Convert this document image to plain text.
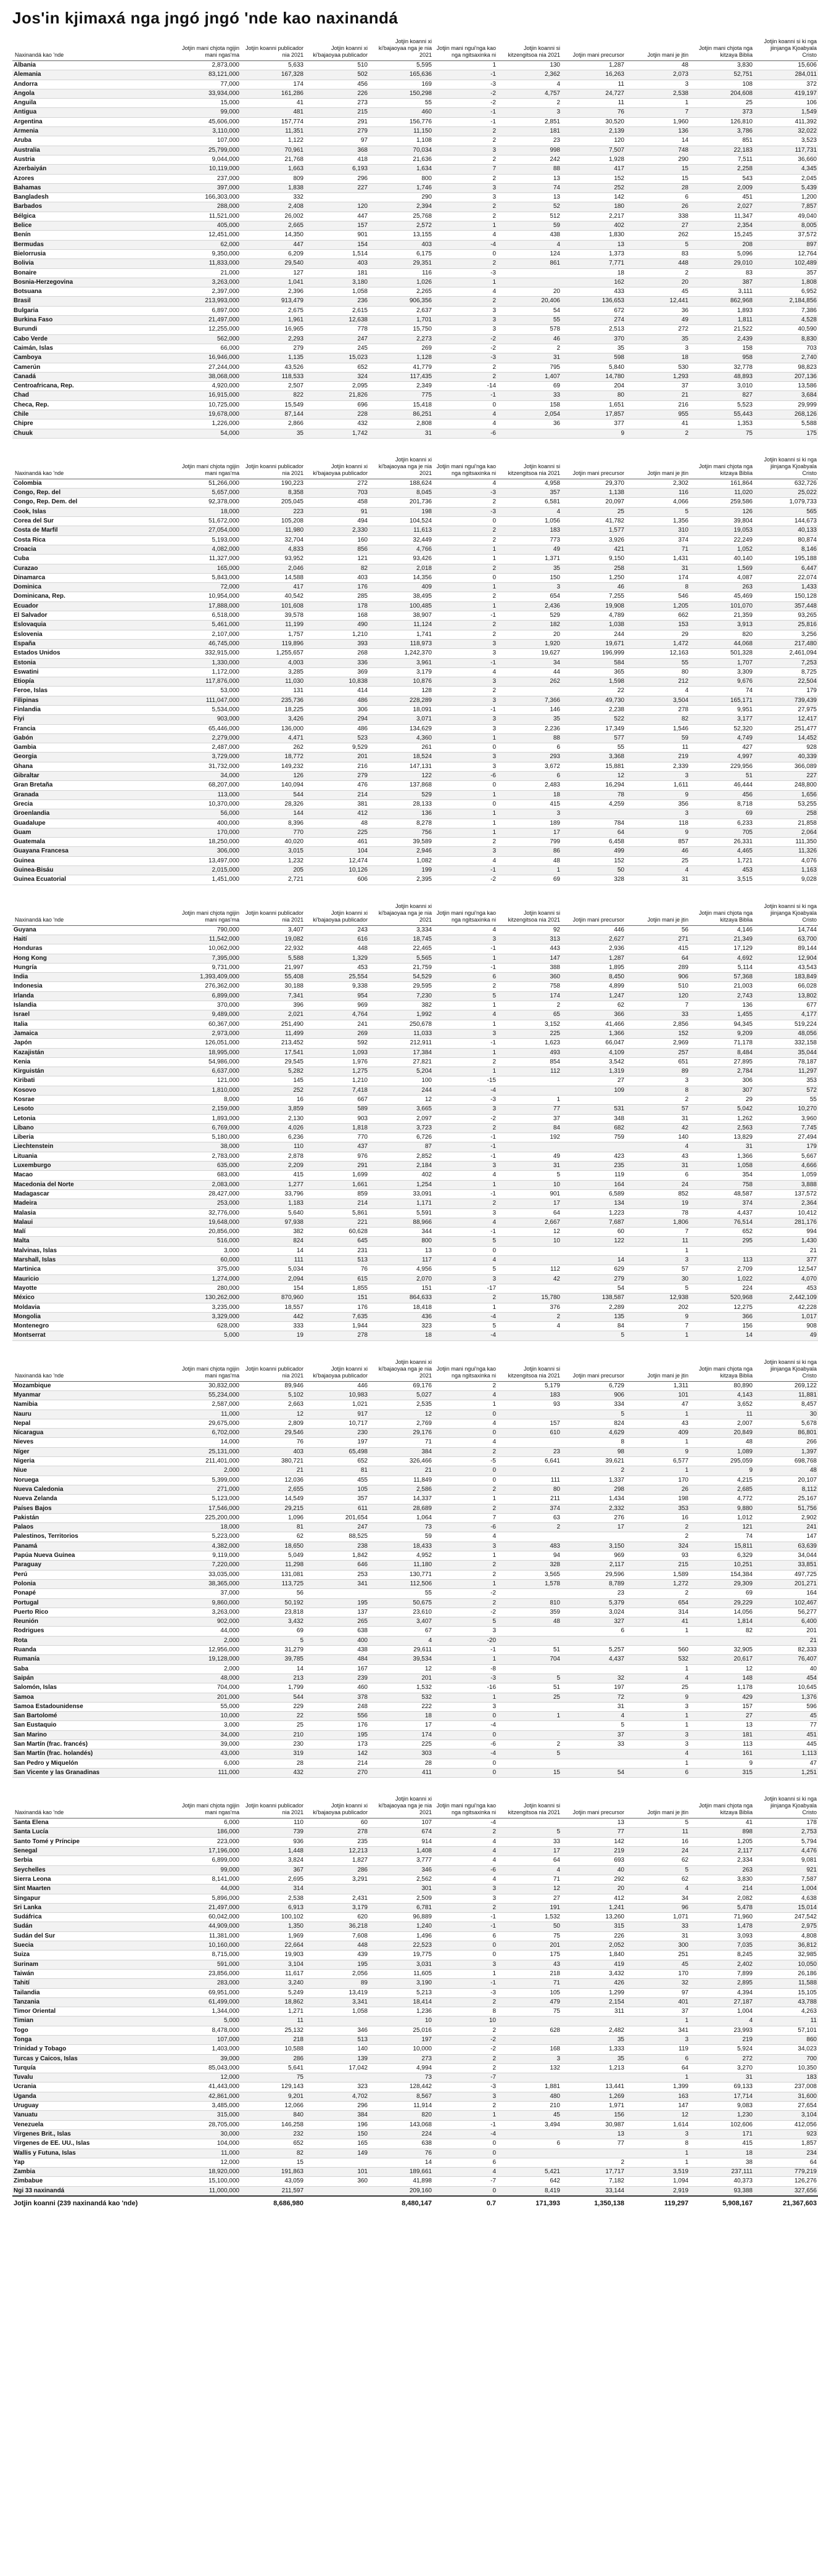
Jos'in kjimaxá nga jngó jngó 'nde kao naxinandá
Naxinandá kao 'nde	Jotjin mani chjota ngijin mani ngas'ma	Jotjin koanni publicador nia 2021	Jotjin koanni xi ki'bajaoyaa publicador	Jotjin koanni xi ki'bajaoyaa nga je nia 2021	Jotjin mani ngui'nga kao nga ngitsaxinka ni	Jotjin koanni si kitzengitsoa nia 2021	Jotjin mani precursor	Jotjin mani je jtin	Jotjin mani chjota nga kitzaya Biblia	Jotjin koanni si ki nga jiinjanga Kjoabyala Cristo
Albania	2,873,000	5,633	510	5,595	1	130	1,287	48	3,830	15,606
Alemania	83,121,000	167,328	502	165,636	-1	2,362	16,263	2,073	52,751	284,011
Andorra	77,000	174	456	169	-3	4	11	3	108	372
Angola	33,934,000	161,286	226	150,298	-2	4,757	24,727	2,538	204,608	419,197
Anguila	15,000	41	273	55	-2	2	11	1	25	106
Antigua	99,000	481	215	460	-1	3	76	7	373	1,549
Argentina	45,606,000	157,774	291	156,776	-1	2,851	30,520	1,960	126,810	411,392
Armenia	3,110,000	11,351	279	11,150	2	181	2,139	136	3,786	32,022
Aruba	107,000	1,122	97	1,108	2	23	120	14	851	3,523
Australia	25,799,000	70,961	368	70,034	3	998	7,507	748	22,183	117,731
Austria	9,044,000	21,768	418	21,636	2	242	1,928	290	7,511	36,660
Azerbaiyán	10,119,000	1,663	6,193	1,634	7	88	417	15	2,258	4,345
Azores	237,000	809	296	800	2	13	152	15	543	2,045
Bahamas	397,000	1,838	227	1,746	3	74	252	28	2,009	5,439
Bangladesh	166,303,000	332		290	3	13	142	6	451	1,200
Barbados	288,000	2,408	120	2,394	2	52	180	26	2,027	7,857
Bélgica	11,521,000	26,002	447	25,768	2	512	2,217	338	11,347	49,040
Belice	405,000	2,665	157	2,572	1	59	402	27	2,354	8,005
Benín	12,451,000	14,350	901	13,155	4	438	1,830	262	15,245	37,572
Bermudas	62,000	447	154	403	-4	4	13	5	208	897
Bielorrusia	9,350,000	6,209	1,514	6,175	0	124	1,373	83	5,096	12,764
Bolivia	11,833,000	29,540	403	29,351	2	861	7,771	448	29,010	102,489
Bonaire	21,000	127	181	116	-3		18	2	83	357
Bosnia-Herzegovina	3,263,000	1,041	3,180	1,026	1		162	20	387	1,808
Botsuana	2,397,000	2,396	1,058	2,265	4	20	433	45	3,111	6,952
Brasil	213,993,000	913,479	236	906,356	2	20,406	136,653	12,441	862,968	2,184,856
Bulgaria	6,897,000	2,675	2,615	2,637	3	54	672	36	1,893	7,386
Burkina Faso	21,497,000	1,961	12,638	1,701	3	55	274	49	1,811	4,528
Burundi	12,255,000	16,965	778	15,750	3	578	2,513	272	21,522	40,590
Cabo Verde	562,000	2,293	247	2,273	-2	46	370	35	2,439	8,830
Caimán, Islas	66,000	279	245	269	-2	2	35	3	158	703
Camboya	16,946,000	1,135	15,023	1,128	-3	31	598	18	958	2,740
Camerún	27,244,000	43,526	652	41,779	2	795	5,840	530	32,778	98,823
Canadá	38,068,000	118,533	324	117,435	2	1,407	14,780	1,293	48,893	207,136
Centroafricana, Rep.	4,920,000	2,507	2,095	2,349	-14	69	204	37	3,010	13,586
Chad	16,915,000	822	21,826	775	-1	33	80	21	827	3,684
Checa, Rep.	10,725,000	15,549	696	15,418	0	158	1,651	216	5,523	29,999
Chile	19,678,000	87,144	228	86,251	4	2,054	17,857	955	55,443	268,126
Chipre	1,226,000	2,866	432	2,808	4	36	377	41	1,353	5,588
Chuuk	54,000	35	1,742	31	-6		9	2	75	175
Naxinandá kao 'nde	Jotjin mani chjota ngijin mani ngas'ma	Jotjin koanni publicador nia 2021	Jotjin koanni xi ki'bajaoyaa publicador	Jotjin koanni xi ki'bajaoyaa nga je nia 2021	Jotjin mani ngui'nga kao nga ngitsaxinka ni	Jotjin koanni si kitzengitsoa nia 2021	Jotjin mani precursor	Jotjin mani je jtin	Jotjin mani chjota nga kitzaya Biblia	Jotjin koanni si ki nga jiinjanga Kjoabyala Cristo
Colombia	51,266,000	190,223	272	188,624	4	4,958	29,370	2,302	161,864	632,726
Congo, Rep. del	5,657,000	8,358	703	8,045	-3	357	1,138	116	11,020	25,022
Congo, Rep. Dem. del	92,378,000	205,045	458	201,736	2	6,581	20,097	4,066	259,586	1,079,733
Cook, Islas	18,000	223	91	198	-3	4	25	5	126	565
Corea del Sur	51,672,000	105,208	494	104,524	0	1,056	41,782	1,356	39,804	144,673
Costa de Marfil	27,054,000	11,980	2,330	11,613	2	183	1,577	310	19,053	40,133
Costa Rica	5,193,000	32,704	160	32,449	2	773	3,926	374	22,249	80,874
Croacia	4,082,000	4,833	856	4,766	1	49	421	71	1,052	8,146
Cuba	11,327,000	93,952	121	93,426	1	1,371	9,150	1,431	40,140	195,188
Curazao	165,000	2,046	82	2,018	2	35	258	31	1,569	6,447
Dinamarca	5,843,000	14,588	403	14,356	0	150	1,250	174	4,087	22,074
Dominica	72,000	417	176	409	1	3	46	8	263	1,433
Dominicana, Rep.	10,954,000	40,542	285	38,495	2	654	7,255	546	45,469	150,128
Ecuador	17,888,000	101,608	178	100,485	1	2,436	19,908	1,205	101,070	357,448
El Salvador	6,518,000	39,578	168	38,907	-1	529	4,789	662	21,359	93,265
Eslovaquia	5,461,000	11,199	490	11,124	2	182	1,038	153	3,913	25,816
Eslovenia	2,107,000	1,757	1,210	1,741	2	20	244	29	820	3,256
España	46,745,000	119,896	393	118,973	3	1,920	19,671	1,472	44,068	217,480
Estados Unidos	332,915,000	1,255,657	268	1,242,370	3	19,627	196,999	12,163	501,328	2,461,094
Estonia	1,330,000	4,003	336	3,961	-1	34	584	55	1,707	7,253
Eswatini	1,172,000	3,285	369	3,179	4	44	365	80	3,309	8,725
Etiopía	117,876,000	11,030	10,838	10,876	3	262	1,598	212	9,676	22,504
Feroe, Islas	53,000	131	414	128	2		22	4	74	179
Filipinas	111,047,000	235,736	486	228,289	3	7,366	49,730	3,504	165,171	739,439
Finlandia	5,534,000	18,225	306	18,091	-1	146	2,238	278	9,951	27,975
Fiyi	903,000	3,426	294	3,071	3	35	522	82	3,177	12,417
Francia	65,446,000	136,000	486	134,629	3	2,236	17,349	1,546	52,320	251,477
Gabón	2,279,000	4,471	523	4,360	1	88	577	59	4,749	14,452
Gambia	2,487,000	262	9,529	261	0	6	55	11	427	928
Georgia	3,729,000	18,772	201	18,524	3	293	3,368	219	4,997	40,339
Ghana	31,732,000	149,232	216	147,131	3	3,672	15,881	2,339	229,956	366,089
Gibraltar	34,000	126	279	122	-6	6	12	3	51	227
Gran Bretaña	68,207,000	140,094	476	137,868	0	2,483	16,294	1,611	46,444	248,800
Granada	113,000	544	214	529	1	18	78	9	456	1,656
Grecia	10,370,000	28,326	381	28,133	0	415	4,259	356	8,718	53,255
Groenlandia	56,000	144	412	136	1	3		3	69	258
Guadalupe	400,000	8,396	48	8,278	1	189	784	118	6,233	21,858
Guam	170,000	770	225	756	1	17	64	9	705	2,064
Guatemala	18,250,000	40,020	461	39,589	2	799	6,458	857	26,331	111,350
Guayana Francesa	306,000	3,015	104	2,946	3	86	499	46	4,465	11,326
Guinea	13,497,000	1,232	12,474	1,082	4	48	152	25	1,721	4,076
Guinea-Bisáu	2,015,000	205	10,126	199	-1	1	50	4	453	1,163
Guinea Ecuatorial	1,451,000	2,721	606	2,395	-2	69	328	31	3,515	9,028
Naxinandá kao 'nde	Jotjin mani chjota ngijin mani ngas'ma	Jotjin koanni publicador nia 2021	Jotjin koanni xi ki'bajaoyaa publicador	Jotjin koanni xi ki'bajaoyaa nga je nia 2021	Jotjin mani ngui'nga kao nga ngitsaxinka ni	Jotjin koanni si kitzengitsoa nia 2021	Jotjin mani precursor	Jotjin mani je jtin	Jotjin mani chjota nga kitzaya Biblia	Jotjin koanni si ki nga jiinjanga Kjoabyala Cristo
Guyana	790,000	3,407	243	3,334	4	92	446	56	4,146	14,744
Haití	11,542,000	19,082	616	18,745	3	313	2,627	271	21,349	63,700
Honduras	10,062,000	22,932	448	22,465	-1	443	2,936	415	17,129	89,144
Hong Kong	7,395,000	5,588	1,329	5,565	1	147	1,287	64	4,692	12,904
Hungría	9,731,000	21,997	453	21,759	-1	388	1,895	289	5,114	43,543
India	1,393,409,000	55,408	25,554	54,529	6	360	8,450	906	57,368	183,849
Indonesia	276,362,000	30,188	9,338	29,595	2	758	4,899	510	21,003	66,028
Irlanda	6,899,000	7,341	954	7,230	5	174	1,247	120	2,743	13,802
Islandia	370,000	396	969	382	1	2	62	7	136	677
Israel	9,489,000	2,021	4,764	1,992	4	65	366	33	1,455	4,177
Italia	60,367,000	251,490	241	250,678	1	3,152	41,466	2,856	94,345	519,224
Jamaica	2,973,000	11,499	269	11,033	3	225	1,366	152	9,209	48,056
Japón	126,051,000	213,452	592	212,911	-1	1,623	66,047	2,969	71,178	332,158
Kazajistán	18,995,000	17,541	1,093	17,384	1	493	4,109	257	8,484	35,044
Kenia	54,986,000	29,545	1,976	27,821	2	854	3,542	651	27,895	78,187
Kirguistán	6,637,000	5,282	1,275	5,204	1	112	1,319	89	2,784	11,297
Kiribati	121,000	145	1,210	100	-15		27	3	306	353
Kosovo	1,810,000	252	7,418	244	-4		109	8	307	572
Kosrae	8,000	16	667	12	-3	1		2	29	55
Lesoto	2,159,000	3,859	589	3,665	3	77	531	57	5,042	10,270
Letonia	1,893,000	2,130	903	2,097	-2	37	348	31	1,262	3,960
Líbano	6,769,000	4,026	1,818	3,723	2	84	682	42	2,563	7,745
Liberia	5,180,000	6,236	770	6,726	-1	192	759	140	13,829	27,494
Liechtenstein	38,000	110	437	87	-1			4	31	179
Lituania	2,783,000	2,878	976	2,852	-1	49	423	43	1,366	5,667
Luxemburgo	635,000	2,209	291	2,184	3	31	235	31	1,058	4,666
Macao	683,000	415	1,699	402	4	5	119	6	354	1,059
Macedonia del Norte	2,083,000	1,277	1,661	1,254	1	10	164	24	758	3,888
Madagascar	28,427,000	33,796	859	33,091	-1	901	6,589	852	48,587	137,572
Madeira	253,000	1,183	214	1,171	2	17	134	19	374	2,364
Malasia	32,776,000	5,640	5,861	5,591	3	64	1,223	78	4,437	10,412
Malaui	19,648,000	97,938	221	88,966	4	2,667	7,687	1,806	76,514	281,176
Malí	20,856,000	382	60,628	344	-1	12	60	7	652	994
Malta	516,000	824	645	800	5	10	122	11	295	1,430
Malvinas, Islas	3,000	14	231	13	0			1		21
Marshall, Islas	60,000	111	513	117	4		14	3	113	377
Martinica	375,000	5,034	76	4,956	5	112	629	57	2,709	12,547
Mauricio	1,274,000	2,094	615	2,070	3	42	279	30	1,022	4,070
Mayotte	280,000	154	1,855	151	-17		54	5	224	453
México	130,262,000	870,960	151	864,633	2	15,780	138,587	12,938	520,968	2,442,109
Moldavia	3,235,000	18,557	176	18,418	1	376	2,289	202	12,275	42,228
Mongolia	3,329,000	442	7,635	436	-4	2	135	9	366	1,017
Montenegro	628,000	333	1,944	323	5	4	84	7	156	908
Montserrat	5,000	19	278	18	-4		5	1	14	49
Naxinandá kao 'nde	Jotjin mani chjota ngijin mani ngas'ma	Jotjin koanni publicador nia 2021	Jotjin koanni xi ki'bajaoyaa publicador	Jotjin koanni xi ki'bajaoyaa nga je nia 2021	Jotjin mani ngui'nga kao nga ngitsaxinka ni	Jotjin koanni si kitzengitsoa nia 2021	Jotjin mani precursor	Jotjin mani je jtin	Jotjin mani chjota nga kitzaya Biblia	Jotjin koanni si ki nga jiinjanga Kjoabyala Cristo
Mozambique	30,832,000	89,946	446	69,176	2	5,179	6,729	1,311	80,890	269,122
Myanmar	55,234,000	5,102	10,983	5,027	4	183	906	101	4,143	11,881
Namibia	2,587,000	2,663	1,021	2,535	1	93	334	47	3,652	8,457
Nauru	11,000	12	917	12	0		5	1	11	30
Nepal	29,675,000	2,809	10,717	2,769	4	157	824	43	2,007	5,678
Nicaragua	6,702,000	29,546	230	29,176	0	610	4,629	409	20,849	86,801
Nieves	14,000	76	197	71	4		8	1	48	266
Níger	25,131,000	403	65,498	384	2	23	98	9	1,089	1,397
Nigeria	211,401,000	380,721	652	326,466	-5	6,641	39,621	6,577	295,059	698,768
Niue	2,000	21	81	21	0		2	1	9	48
Noruega	5,399,000	12,036	455	11,849	0	111	1,337	170	4,215	20,107
Nueva Caledonia	271,000	2,655	105	2,586	2	80	298	26	2,685	8,112
Nueva Zelanda	5,123,000	14,549	357	14,337	1	211	1,434	198	4,772	25,167
Países Bajos	17,546,000	29,215	611	28,689	2	374	2,332	353	9,880	51,756
Pakistán	225,200,000	1,096	201,654	1,064	7	63	276	16	1,012	2,902
Palaos	18,000	81	247	73	-6	2	17	2	121	241
Palestinos, Territorios	5,223,000	62	88,525	59	4			2	74	147
Panamá	4,382,000	18,650	238	18,433	3	483	3,150	324	15,811	63,639
Papúa Nueva Guinea	9,119,000	5,049	1,842	4,952	1	94	969	93	6,329	34,044
Paraguay	7,220,000	11,298	646	11,180	2	328	2,117	215	10,251	33,851
Perú	33,035,000	131,081	253	130,771	2	3,565	29,596	1,589	154,384	497,725
Polonia	38,365,000	113,725	341	112,506	1	1,578	8,789	1,272	29,309	201,271
Ponapé	37,000	56		55	-2		23	2	69	164
Portugal	9,860,000	50,192	195	50,675	2	810	5,379	654	29,229	102,467
Puerto Rico	3,263,000	23,818	137	23,610	-2	359	3,024	314	14,056	56,277
Reunión	902,000	3,432	265	3,407	5	48	327	41	1,814	6,400
Rodrigues	44,000	69	638	67	3		6	1	82	201
Rota	2,000	5	400	4	-20					21
Ruanda	12,956,000	31,279	438	29,611	-1	51	5,257	560	32,905	82,333
Rumanía	19,128,000	39,785	484	39,534	1	704	4,437	532	20,617	76,407
Saba	2,000	14	167	12	-8			1	12	40
Saipán	48,000	213	239	201	-3	5	32	4	148	454
Salomón, Islas	704,000	1,799	460	1,532	-16	51	197	25	1,178	10,645
Samoa	201,000	544	378	532	1	25	72	9	429	1,376
Samoa Estadounidense	55,000	229	248	222	3		31	3	157	596
San Bartolomé	10,000	22	556	18	0	1	4	1	27	45
San Eustaquio	3,000	25	176	17	-4		5	1	13	77
San Marino	34,000	210	195	174	0		37	3	181	451
San Martín (frac. francés)	39,000	230	173	225	-6	2	33	3	113	445
San Martín (frac. holandés)	43,000	319	142	303	-4	5		4	161	1,113
San Pedro y Miquelón	6,000	28	214	28	0			1	9	47
San Vicente y las Granadinas	111,000	432	270	411	0	15	54	6	315	1,251
Naxinandá kao 'nde	Jotjin mani chjota ngijin mani ngas'ma	Jotjin koanni publicador nia 2021	Jotjin koanni xi ki'bajaoyaa publicador	Jotjin koanni xi ki'bajaoyaa nga je nia 2021	Jotjin mani ngui'nga kao nga ngitsaxinka ni	Jotjin koanni si kitzengitsoa nia 2021	Jotjin mani precursor	Jotjin mani je jtin	Jotjin mani chjota nga kitzaya Biblia	Jotjin koanni si ki nga jiinjanga Kjoabyala Cristo
Santa Elena	6,000	110	60	107	-4		13	5	41	178
Santa Lucía	186,000	739	278	674	2	5	77	11	898	2,753
Santo Tomé y Príncipe	223,000	936	235	914	4	33	142	16	1,205	5,794
Senegal	17,196,000	1,448	12,213	1,408	4	17	219	24	2,117	4,476
Serbia	6,899,000	3,824	1,827	3,777	4	64	693	62	2,334	9,081
Seychelles	99,000	367	286	346	-6	4	40	5	263	921
Sierra Leona	8,141,000	2,695	3,291	2,562	4	71	292	62	3,830	7,587
Sint Maarten	44,000	314		301	3	12	20	4	214	1,004
Singapur	5,896,000	2,538	2,431	2,509	3	27	412	34	2,082	4,638
Sri Lanka	21,497,000	6,913	3,179	6,781	2	191	1,241	96	5,478	15,014
Sudáfrica	60,042,000	100,102	620	96,889	-1	1,532	13,260	1,071	71,960	247,542
Sudán	44,909,000	1,350	36,218	1,240	-1	50	315	33	1,478	2,975
Sudán del Sur	11,381,000	1,969	7,608	1,496	6	75	226	31	3,093	4,808
Suecia	10,160,000	22,664	448	22,523	0	201	2,052	300	7,035	36,812
Suiza	8,715,000	19,903	439	19,775	0	175	1,840	251	8,245	32,985
Surinam	591,000	3,104	195	3,031	3	43	419	45	2,402	10,050
Taiwán	23,856,000	11,617	2,056	11,605	1	218	3,432	170	7,899	26,186
Tahití	283,000	3,240	89	3,190	-1	71	426	32	2,895	11,588
Tailandia	69,951,000	5,249	13,419	5,213	-3	105	1,299	97	4,394	15,105
Tanzania	61,499,000	18,862	3,341	18,414	2	479	2,154	401	27,187	43,788
Timor Oriental	1,344,000	1,271	1,058	1,236	8	75	311	37	1,004	4,263
Timian	5,000	11		10	10			1	4	11
Togo	8,478,000	25,132	346	25,016	2	628	2,482	341	23,993	57,101
Tonga	107,000	218	513	197	-2		35	3	219	860
Trinidad y Tobago	1,403,000	10,588	140	10,000	-2	168	1,333	119	5,924	34,023
Turcas y Caicos, Islas	39,000	286	139	273	2	3	35	6	272	700
Turquía	85,043,000	5,641	17,042	4,994	2	132	1,213	64	3,270	10,350
Tuvalu	12,000	75		73	-7			1	31	183
Ucrania	41,443,000	129,143	323	128,442	-3	1,881	13,441	1,399	69,133	237,008
Uganda	42,861,000	9,201	4,702	8,567	3	480	1,269	163	17,714	31,600
Uruguay	3,485,000	12,066	296	11,914	2	210	1,971	147	9,083	27,654
Vanuatu	315,000	840	384	820	1	45	156	12	1,230	3,104
Venezuela	28,705,000	146,258	196	143,068	-1	3,494	30,987	1,614	102,606	412,056
Vírgenes Brit., Islas	30,000	232	150	224	-4		13	3	171	923
Vírgenes de EE. UU., Islas	104,000	652	165	638	0	6	77	8	415	1,857
Wallis y Futuna, Islas	11,000	82	149	76	0			1	18	234
Yap	12,000	15		14	6		2	1	38	64
Zambia	18,920,000	191,863	101	189,661	4	5,421	17,717	3,519	237,111	779,219
Zimbabue	15,100,000	43,059	360	41,898	-7	642	7,182	1,094	40,373	126,276
Ngi 33 naxinandá	11,000,000	211,597		209,160	0	8,419	33,144	2,919	93,388	327,656
Jotjin koanni (239 naxinandá kao 'nde)		8,686,980		8,480,147	0.7	171,393	1,350,138	119,297	5,908,167	21,367,603
